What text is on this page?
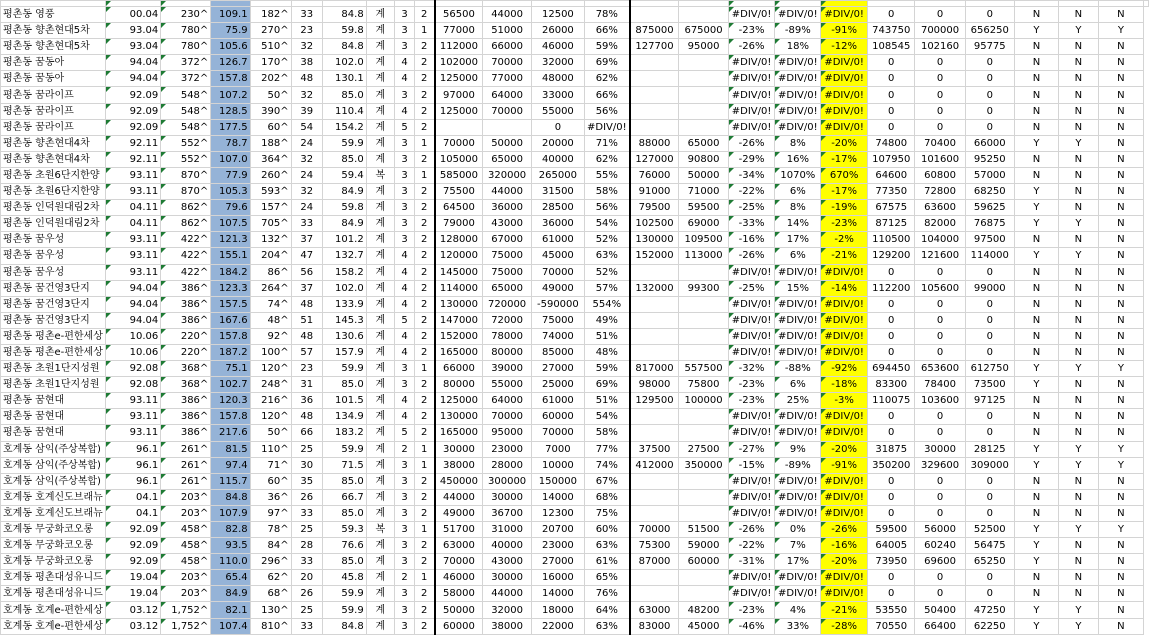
평촌동 영풍	00.04	230^	109.1	182^	33	84.8	계	3	2	56500	44000	12500	78%			#DIV/0!	#DIV/0!	#DIV/0!	0	0	0	N	N	N	
평촌동 향촌현대5차	93.04	780^	75.9	270^	23	59.8	계	3	1	77000	51000	26000	66%	875000	675000	-23%	-89%	-91%	743750	700000	656250	Y	Y	Y	
평촌동 향촌현대5차	93.04	780^	105.6	510^	32	84.8	계	3	2	112000	66000	46000	59%	127700	95000	-26%	18%	-12%	108545	102160	95775	N	N	N	
평촌동 꿈동아	94.04	372^	126.7	170^	38	102.0	계	4	2	102000	70000	32000	69%			#DIV/0!	#DIV/0!	#DIV/0!	0	0	0	N	N	N	
평촌동 꿈동아	94.04	372^	157.8	202^	48	130.1	계	4	2	125000	77000	48000	62%			#DIV/0!	#DIV/0!	#DIV/0!	0	0	0	N	N	N	
평촌동 꿈라이프	92.09	548^	107.2	50^	32	85.0	계	3	2	97000	64000	33000	66%			#DIV/0!	#DIV/0!	#DIV/0!	0	0	0	N	N	N	
평촌동 꿈라이프	92.09	548^	128.5	390^	39	110.4	계	4	2	125000	70000	55000	56%			#DIV/0!	#DIV/0!	#DIV/0!	0	0	0	N	N	N	
평촌동 꿈라이프	92.09	548^	177.5	60^	54	154.2	계	5	2			0	#DIV/0!			#DIV/0!	#DIV/0!	#DIV/0!	0	0	0	N	N	N	
평촌동 향촌현대4차	92.11	552^	78.7	188^	24	59.9	계	3	1	70000	50000	20000	71%	88000	65000	-26%	8%	-20%	74800	70400	66000	Y	Y	N	
평촌동 향촌현대4차	92.11	552^	107.0	364^	32	85.0	계	3	2	105000	65000	40000	62%	127000	90800	-29%	16%	-17%	107950	101600	95250	N	N	N	
평촌동 초원6단지한양	93.11	870^	77.9	260^	24	59.4	복	3	1	585000	320000	265000	55%	76000	50000	-34%	1070%	670%	64600	60800	57000	N	N	N	
평촌동 초원6단지한양	93.11	870^	105.3	593^	32	84.9	계	3	2	75500	44000	31500	58%	91000	71000	-22%	6%	-17%	77350	72800	68250	Y	N	N	
평촌동 인덕원대림2차	04.11	862^	79.6	157^	24	59.8	계	3	2	64500	36000	28500	56%	79500	59500	-25%	8%	-19%	67575	63600	59625	Y	N	N	
평촌동 인덕원대림2차	04.11	862^	107.5	705^	33	84.9	계	3	2	79000	43000	36000	54%	102500	69000	-33%	14%	-23%	87125	82000	76875	Y	Y	N	
평촌동 꿈우성	93.11	422^	121.3	132^	37	101.2	계	3	2	128000	67000	61000	52%	130000	109500	-16%	17%	-2%	110500	104000	97500	N	N	N	
평촌동 꿈우성	93.11	422^	155.1	204^	47	132.7	계	4	2	120000	75000	45000	63%	152000	113000	-26%	6%	-21%	129200	121600	114000	Y	Y	N	
평촌동 꿈우성	93.11	422^	184.2	86^	56	158.2	계	4	2	145000	75000	70000	52%			#DIV/0!	#DIV/0!	#DIV/0!	0	0	0	N	N	N	
평촌동 꿈건영3단지	94.04	386^	123.3	264^	37	102.0	계	4	2	114000	65000	49000	57%	132000	99300	-25%	15%	-14%	112200	105600	99000	N	N	N	
평촌동 꿈건영3단지	94.04	386^	157.5	74^	48	133.9	계	4	2	130000	720000	-590000	554%			#DIV/0!	#DIV/0!	#DIV/0!	0	0	0	N	N	N	
평촌동 꿈건영3단지	94.04	386^	167.6	48^	51	145.3	계	5	2	147000	72000	75000	49%			#DIV/0!	#DIV/0!	#DIV/0!	0	0	0	N	N	N	
평촌동 평촌e-편한세상	10.06	220^	157.8	92^	48	130.6	계	4	2	152000	78000	74000	51%			#DIV/0!	#DIV/0!	#DIV/0!	0	0	0	N	N	N	
평촌동 평촌e-편한세상	10.06	220^	187.2	100^	57	157.9	계	4	2	165000	80000	85000	48%			#DIV/0!	#DIV/0!	#DIV/0!	0	0	0	N	N	N	
평촌동 초원1단지성원	92.08	368^	75.1	120^	23	59.9	계	3	1	66000	39000	27000	59%	817000	557500	-32%	-88%	-92%	694450	653600	612750	Y	Y	Y	
평촌동 초원1단지성원	92.08	368^	102.7	248^	31	85.0	계	3	2	80000	55000	25000	69%	98000	75800	-23%	6%	-18%	83300	78400	73500	Y	N	N	
평촌동 꿈현대	93.11	386^	120.3	216^	36	101.5	계	4	2	125000	64000	61000	51%	129500	100000	-23%	25%	-3%	110075	103600	97125	N	N	N	
평촌동 꿈현대	93.11	386^	157.8	120^	48	134.9	계	4	2	130000	70000	60000	54%			#DIV/0!	#DIV/0!	#DIV/0!	0	0	0	N	N	N	
평촌동 꿈현대	93.11	386^	217.6	50^	66	183.2	계	5	2	165000	95000	70000	58%			#DIV/0!	#DIV/0!	#DIV/0!	0	0	0	N	N	N	
호계동 삼익(주상복합)	96.1	261^	81.5	110^	25	59.9	계	2	1	30000	23000	7000	77%	37500	27500	-27%	9%	-20%	31875	30000	28125	Y	Y	Y	
호계동 삼익(주상복합)	96.1	261^	97.4	71^	30	71.5	계	3	1	38000	28000	10000	74%	412000	350000	-15%	-89%	-91%	350200	329600	309000	Y	Y	Y	
호계동 삼익(주상복합)	96.1	261^	115.7	60^	35	85.0	계	3	2	450000	300000	150000	67%			#DIV/0!	#DIV/0!	#DIV/0!	0	0	0	N	N	N	
호계동 호계신도브래뉴	04.1	203^	84.8	36^	26	66.7	계	3	2	44000	30000	14000	68%			#DIV/0!	#DIV/0!	#DIV/0!	0	0	0	N	N	N	
호계동 호계신도브래뉴	04.1	203^	107.9	97^	33	85.0	계	3	2	49000	36700	12300	75%			#DIV/0!	#DIV/0!	#DIV/0!	0	0	0	N	N	N	
호계동 무궁화코오롱	92.09	458^	82.8	78^	25	59.3	복	3	1	51700	31000	20700	60%	70000	51500	-26%	0%	-26%	59500	56000	52500	Y	Y	Y	
호계동 무궁화코오롱	92.09	458^	93.5	84^	28	76.6	계	3	2	63000	40000	23000	63%	75300	59000	-22%	7%	-16%	64005	60240	56475	Y	N	N	
호계동 무궁화코오롱	92.09	458^	110.0	296^	33	85.0	계	3	2	70000	43000	27000	61%	87000	60000	-31%	17%	-20%	73950	69600	65250	Y	N	N	
호계동 평촌대성유니드	19.04	203^	65.4	62^	20	45.8	계	2	1	46000	30000	16000	65%			#DIV/0!	#DIV/0!	#DIV/0!	0	0	0	N	N	N	
호계동 평촌대성유니드	19.04	203^	84.9	68^	26	59.9	계	3	2	58000	44000	14000	76%			#DIV/0!	#DIV/0!	#DIV/0!	0	0	0	N	N	N	
호계동 호계e-편한세상	03.12	1,752^	82.1	130^	25	59.9	계	3	2	50000	32000	18000	64%	63000	48200	-23%	4%	-21%	53550	50400	47250	Y	Y	N	
호계동 호계e-편한세상	03.12	1,752^	107.4	810^	33	84.8	계	3	2	60000	38000	22000	63%	83000	45000	-46%	33%	-28%	70550	66400	62250	Y	Y	N	
